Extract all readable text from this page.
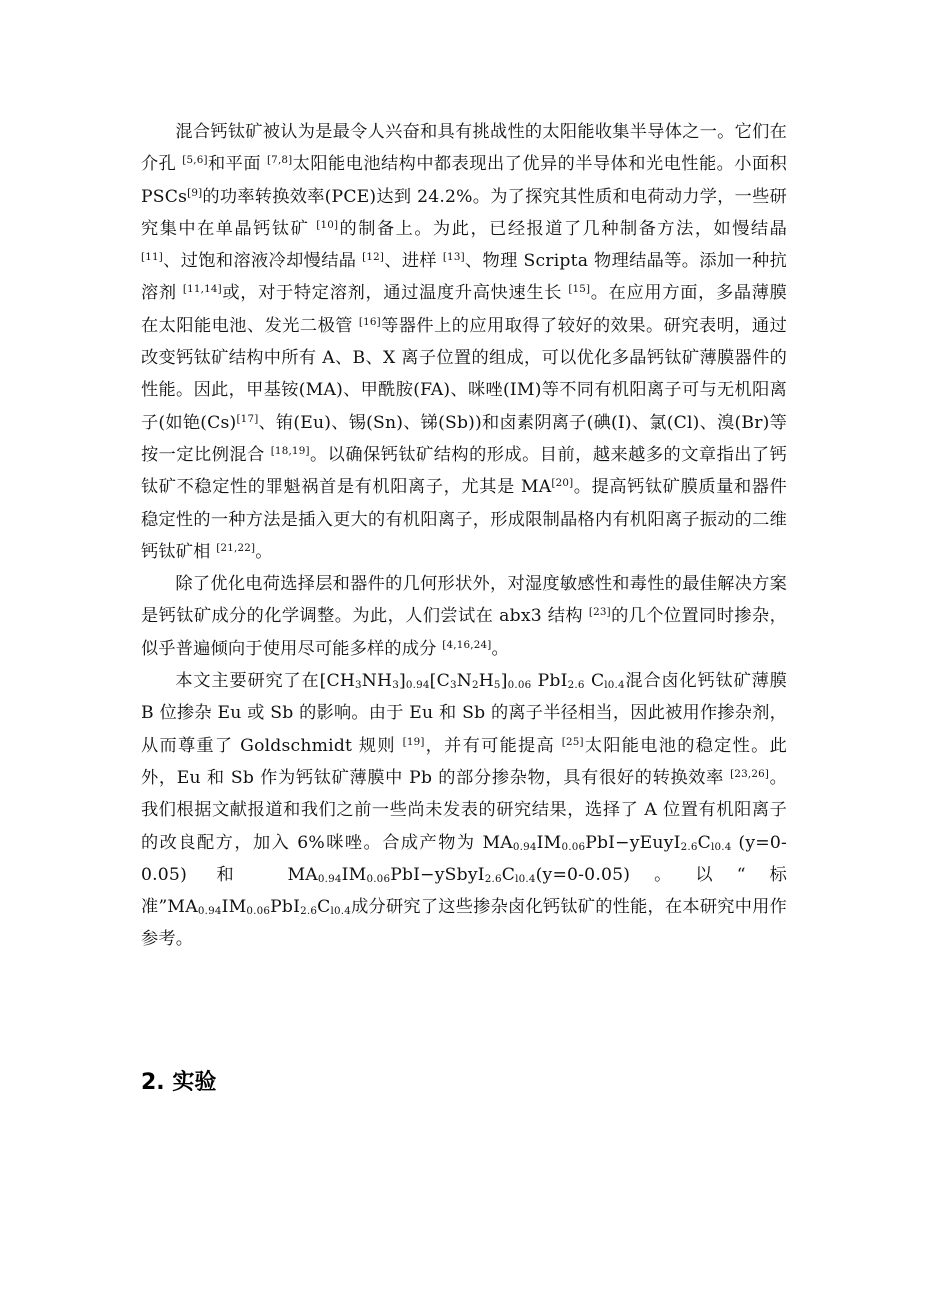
混合钙钛矿被认为是最令人兴奋和具有挑战性的太阳能收集半导体之一。它们在介孔 [5,6]和平面 [7,8]太阳能电池结构中都表现出了优异的半导体和光电性能。小面积 PSCs[9]的功率转换效率(PCE)达到 24.2%。为了探究其性质和电荷动力学，一些研究集中在单晶钙钛矿 [10]的制备上。为此，已经报道了几种制备方法，如慢结晶 [11]、过饱和溶液冷却慢结晶 [12]、进样 [13]、物理 Scripta 物理结晶等。添加一种抗溶剂 [11,14]或，对于特定溶剂，通过温度升高快速生长 [15]。在应用方面，多晶薄膜在太阳能电池、发光二极管 [16]等器件上的应用取得了较好的效果。研究表明，通过改变钙钛矿结构中所有 A、B、X 离子位置的组成，可以优化多晶钙钛矿薄膜器件的性能。因此，甲基铵(MA)、甲酰胺(FA)、咪唑(IM)等不同有机阳离子可与无机阳离子(如铯(Cs)[17]、铕(Eu)、锡(Sn)、锑(Sb))和卤素阴离子(碘(I)、氯(Cl)、溴(Br)等按一定比例混合 [18,19]。以确保钙钛矿结构的形成。目前，越来越多的文章指出了钙钛矿不稳定性的罪魁祸首是有机阳离子，尤其是 MA[20]。提高钙钛矿膜质量和器件稳定性的一种方法是插入更大的有机阳离子，形成限制晶格内有机阳离子振动的二维钙钛矿相 [21,22]。

除了优化电荷选择层和器件的几何形状外，对湿度敏感性和毒性的最佳解决方案是钙钛矿成分的化学调整。为此，人们尝试在 abx3 结构 [23]的几个位置同时掺杂，似乎普遍倾向于使用尽可能多样的成分 [4,16,24]。

本文主要研究了在$[CH_3NH_3]_{0.94}[C_3N_2H_5]_{0.06}$ PbI$_{2.6}$ $C_{l0.4}$混合卤化钙钛矿薄膜 B 位掺杂 Eu 或 Sb 的影响。由于 Eu 和 Sb 的离子半径相当，因此被用作掺杂剂，从而尊重了 Goldschmidt 规则 [19]，并有可能提高 [25]太阳能电池的稳定性。此外，Eu 和 Sb 作为钙钛矿薄膜中 Pb 的部分掺杂物，具有很好的转换效率 [23,26]。我们根据文献报道和我们之前一些尚未发表的研究结果，选择了 A 位置有机阳离子的改良配方，加入 6%咪唑。合成产物为 $MA_{0.94}IM_{0.06}PbI-yEuyI_{2.6}C_{l0.4}$ (y=0-0.05) 和 $MA_{0.94}IM_{0.06}PbI-ySbyI_{2.6}C_{l0.4}(y=0-0.05)$。以“标准$”MA_{0.94}IM_{0.06}PbI_{2.6}C_{l0.4}$成分研究了这些掺杂卤化钙钛矿的性能，在本研究中用作参考。

2. 实验
